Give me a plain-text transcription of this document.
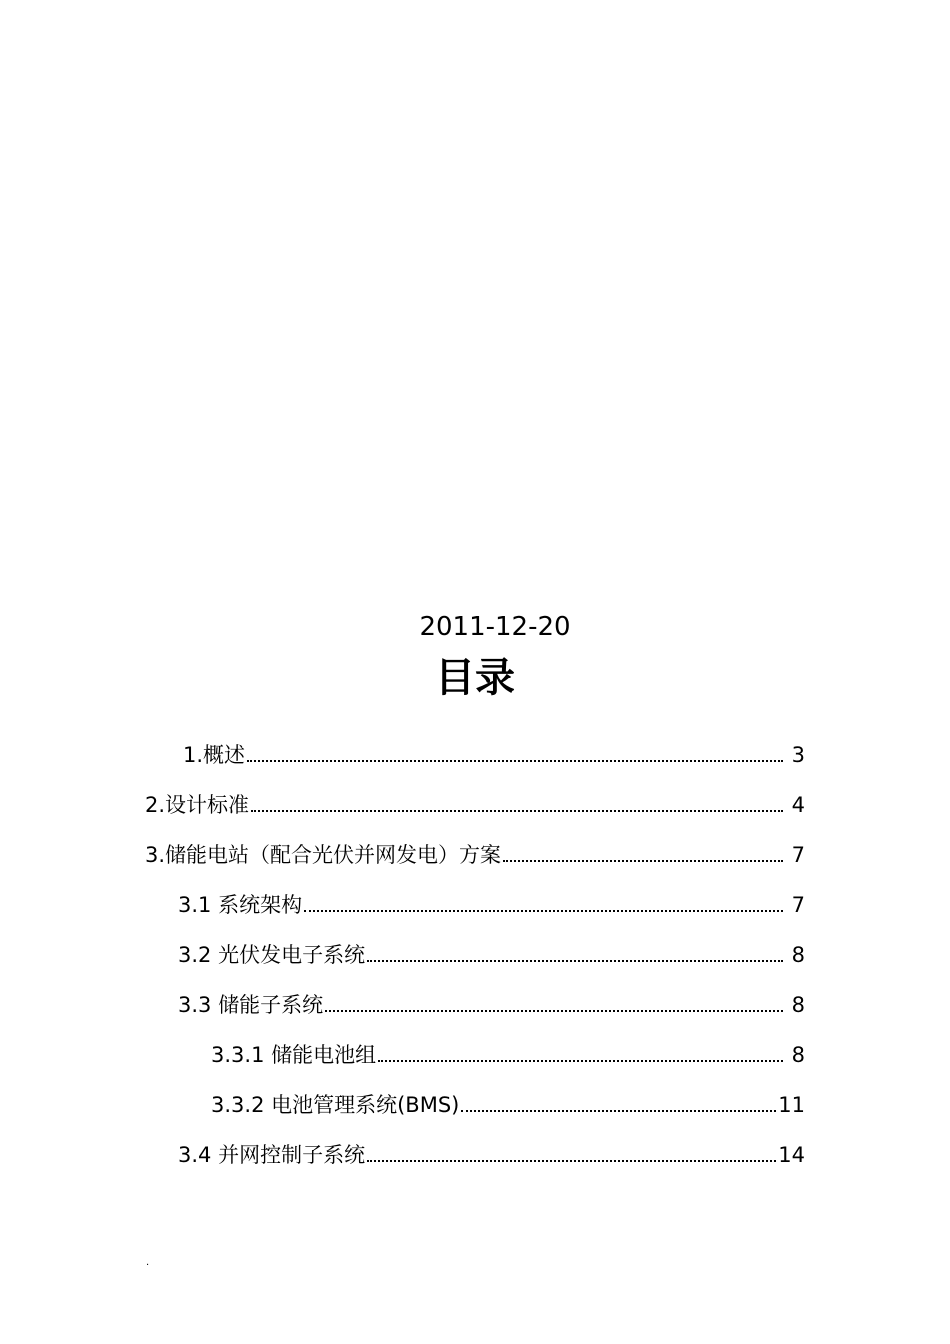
2011-12-20
目录
1.概述	3
2.设计标准	4
3.储能电站（配合光伏并网发电）方案	7
3.1 系统架构	7
3.2 光伏发电子系统	8
3.3 储能子系统	8
3.3.1 储能电池组	8
3.3.2 电池管理系统(BMS)	11
3.4 并网控制子系统	14
.
